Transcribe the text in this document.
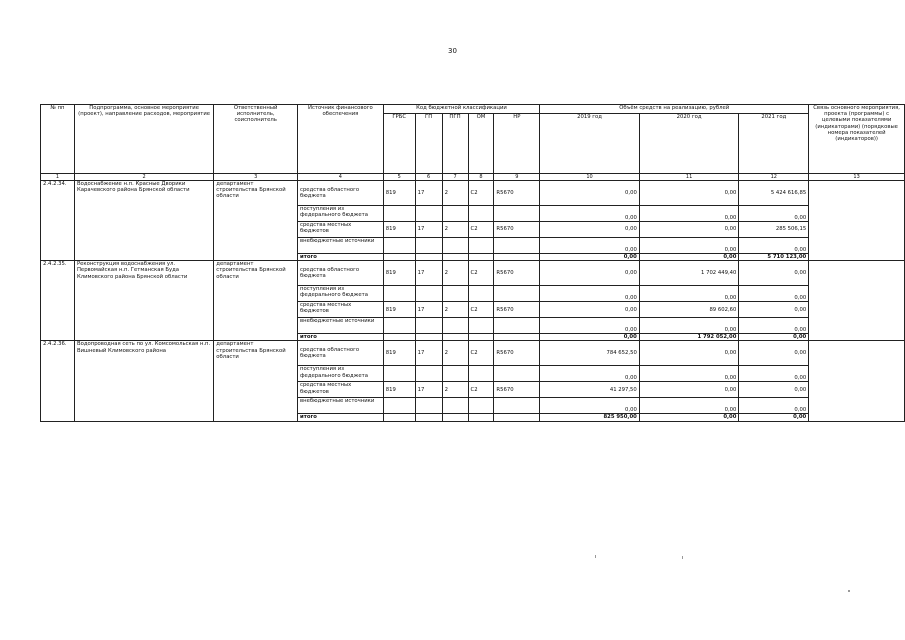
30
№ пп	Подпрограмма, основное мероприятие (проект), направление расходов, мероприятие	Ответственный исполнитель, соисполнитель	Источник финансового обеспечения	Код бюджетной классификации					Объём средств на реализацию, рублей			Связь основного мероприятия, проекта (программы) с целевыми показателями (индикаторами) (порядковые номера показателей (индикаторов))
				ГРБС	ГП	ПГП	ОМ	НР	2019 год	2020 год	2021 год	
1	2	3	4	5	6	7	8	9	10	11	12	13
2.4.2.34.	Водоснабжение н.п. Красные Дворики Карачевского района Брянской области	департамент строительства Брянской области	средства областного бюджета	819	17	2	C2	R5670	0,00	0,00	5 424 616,85	
			поступления из федерального бюджета						0,00	0,00	0,00	
			средства местных бюджетов	819	17	2	C2	R5670	0,00	0,00	285 506,15	
			внебюджетные источники						0,00	0,00	0,00	
			итого						0,00	0,00	5 710 123,00	
2.4.2.35.	Реконструкция водоснабжения ул. Первомайская н.п. Гетманская Буда Климовского района Брянской области	департамент строительства Брянской области	средства областного бюджета	819	17	2	C2	R5670	0,00	1 702 449,40	0,00	
			поступления из федерального бюджета						0,00	0,00	0,00	
			средства местных бюджетов	819	17	2	C2	R5670	0,00	89 602,60	0,00	
			внебюджетные источники						0,00	0,00	0,00	
			итого						0,00	1 792 052,00	0,00	
2.4.2.36.	Водопроводная сеть по ул. Комсомольская н.п. Вишневый Климовского района	департамент строительства Брянской области	средства областного бюджета	819	17	2	C2	R5670	784 652,50	0,00	0,00	
			поступления из федерального бюджета						0,00	0,00	0,00	
			средства местных бюджетов	819	17	2	C2	R5670	41 297,50	0,00	0,00	
			внебюджетные источники						0,00	0,00	0,00	
			итого						825 950,00	0,00	0,00	
